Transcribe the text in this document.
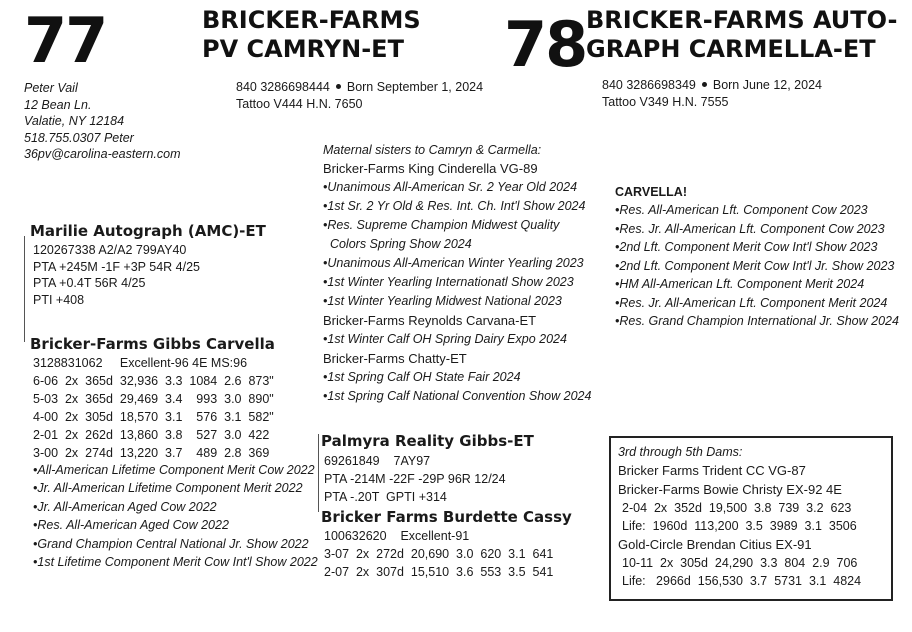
77	BRICKER-FARMS
PV CAMRYN-ET
840 3286698444 Born September 1, 2024
Tattoo V444 H.N. 7650
78 BRICKER-FARMS AUTO-
GRAPH CARMELLA-ET
840 3286698349 Born June 12, 2024
Tattoo V349 H.N. 7555
Peter Vail
12 Bean Ln.
Valatie, NY 12184
518.755.0307 Peter
36pv@carolina-eastern.com
Marilie Autograph (AMC)-ET
120267338 A2/A2 799AY40
PTA +245M -1F +3P 54R 4/25
PTA +0.4T 56R 4/25
PTI +408
Bricker-Farms Gibbs Carvella
3128831062     Excellent-96 4E MS:96
6-06  2x  365d  32,936  3.3  1084  2.6  873"
5-03  2x  365d  29,469  3.4    993  3.0  890"
4-00  2x  305d  18,570  3.1    576  3.1  582"
2-01  2x  262d  13,860  3.8    527  3.0  422
3-00  2x  274d  13,220  3.7    489  2.8  369
•All-American Lifetime Component Merit Cow 2022
•Jr. All-American Lifetime Component Merit 2022
•Jr. All-American Aged Cow 2022
•Res. All-American Aged Cow 2022
•Grand Champion Central National Jr. Show 2022
•1st Lifetime Component Merit Cow Int'l Show 2022
Maternal sisters to Camryn & Carmella:
Bricker-Farms King Cinderella VG-89
•Unanimous All-American Sr. 2 Year Old 2024
•1st Sr. 2 Yr Old & Res. Int. Ch. Int'l Show 2024
•Res. Supreme Champion Midwest Quality
Colors Spring Show 2024
•Unanimous All-American Winter Yearling 2023
•1st Winter Yearling Internationatl Show 2023
•1st Winter Yearling Midwest National 2023
Bricker-Farms Reynolds Carvana-ET
•1st Winter Calf OH Spring Dairy Expo 2024
Bricker-Farms Chatty-ET
•1st Spring Calf OH State Fair 2024
•1st Spring Calf National Convention Show 2024
CARVELLA!
•Res. All-American Lft. Component Cow 2023
•Res. Jr. All-American Lft. Component Cow 2023
•2nd Lft. Component Merit Cow Int'l Show 2023
•2nd Lft. Component Merit Cow Int'l Jr. Show 2023
•HM All-American Lft. Component Merit 2024
•Res. Jr. All-American Lft. Component Merit 2024
•Res. Grand Champion International Jr. Show 2024
Palmyra Reality Gibbs-ET
69261849    7AY97
PTA -214M -22F -29P 96R 12/24
PTA -.20T  GPTI +314
Bricker Farms Burdette Cassy
100632620    Excellent-91
3-07  2x  272d  20,690  3.0  620  3.1  641
2-07  2x  307d  15,510  3.6  553  3.5  541
3rd through 5th Dams:
Bricker Farms Trident CC VG-87
Bricker-Farms Bowie Christy EX-92 4E
2-04  2x  352d  19,500  3.8  739  3.2  623
Life:  1960d  113,200  3.5  3989  3.1  3506
Gold-Circle Brendan Citius EX-91
10-11  2x  305d  24,290  3.3  804  2.9  706
Life:   2966d  156,530  3.7  5731  3.1  4824
